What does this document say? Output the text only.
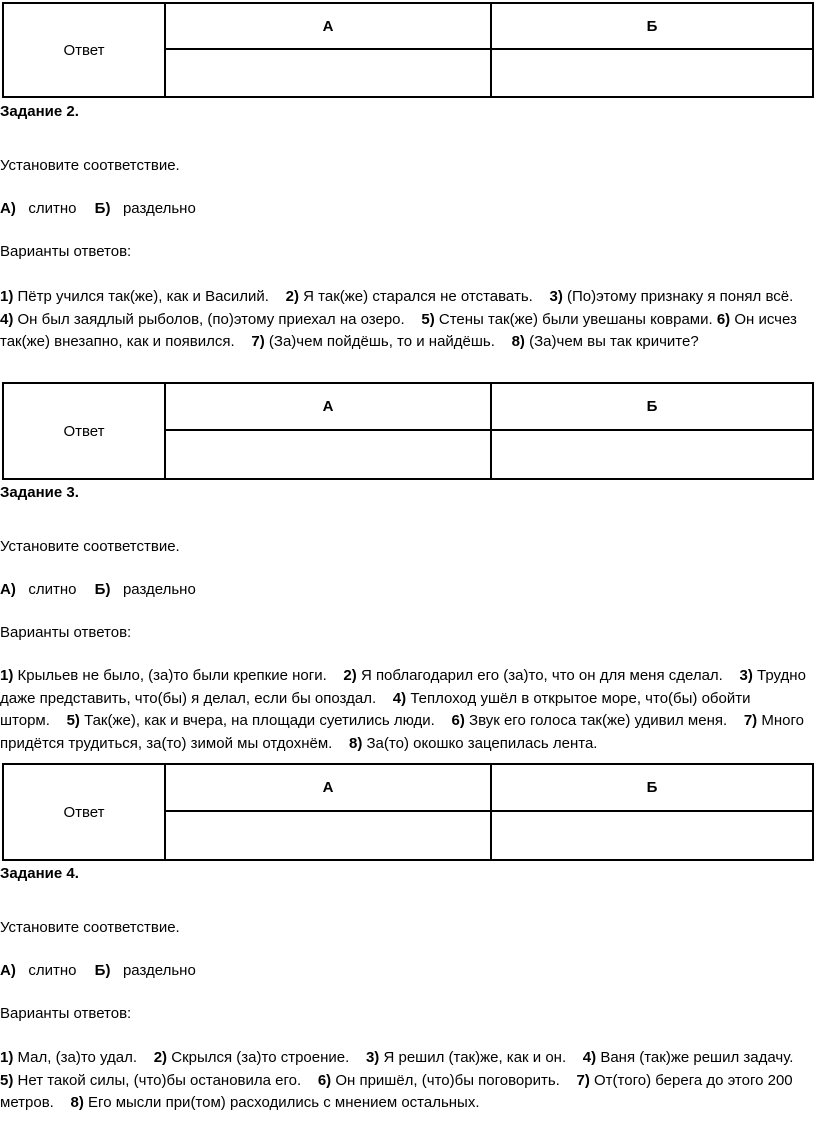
Ответ
А	Б
Задание 2.
Установите соответствие.
А) слитно Б) раздельно
Варианты ответов:
1) Пётр учился так(же), как и Василий. 2) Я так(же) старался не отставать. 3) (По)этому признаку я понял всё.    4) Он был заядлый рыболов, (по)этому приехал на озеро. 5) Стены так(же) были увешаны коврами. 6) Он исчез так(же) внезапно, как и появился. 7) (За)чем пойдёшь, то и найдёшь. 8) (За)чем вы так кричите?
Ответ
А	Б
Задание 3.
Установите соответствие.
А) слитно Б) раздельно
Варианты ответов:
1) Крыльев не было, (за)то были крепкие ноги. 2) Я поблагодарил его (за)то, что он для меня сделал. 3) Трудно даже представить, что(бы) я делал, если бы опоздал. 4) Теплоход ушёл в открытое море, что(бы) обойти шторм. 5) Так(же), как и вчера, на площади суетились люди. 6) Звук его голоса так(же) удивил меня. 7) Много придётся трудиться, за(то) зимой мы отдохнём. 8) За(то) окошко зацепилась лента.
Ответ
А	Б
Задание 4.
Установите соответствие.
А) слитно Б) раздельно
Варианты ответов:
1) Мал, (за)то удал. 2) Скрылся (за)то строение. 3) Я решил (так)же, как и он. 4) Ваня (так)же решил задачу.    5) Нет такой силы, (что)бы остановила его. 6) Он пришёл, (что)бы поговорить. 7) От(того) берега до этого 200 метров. 8) Его мысли при(том) расходились с мнением остальных.
